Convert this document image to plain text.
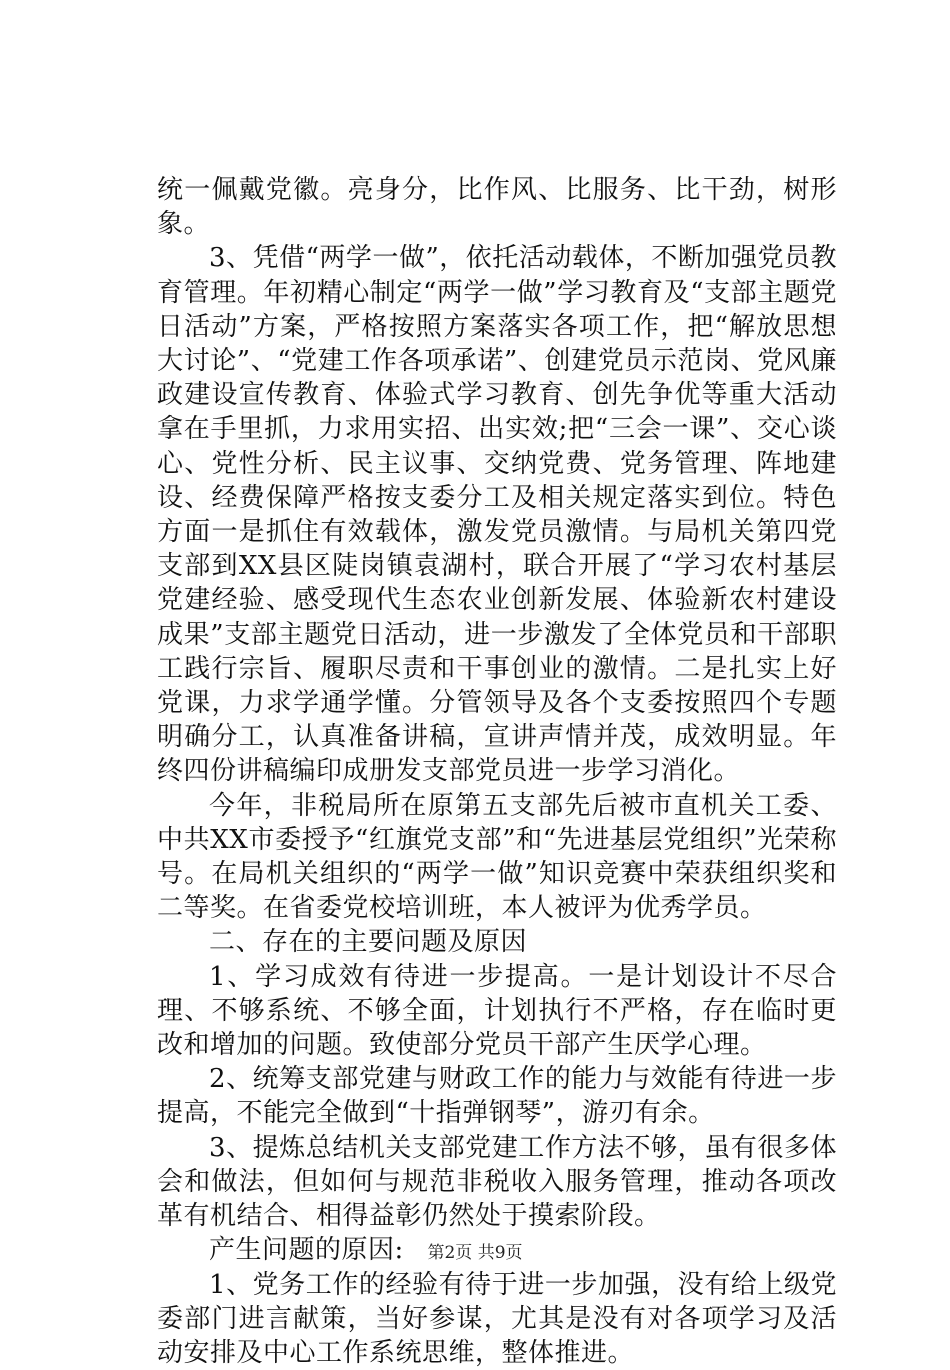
统一佩戴党徽。亮身分，比作风、比服务、比干劲，树形象。

3、凭借“两学一做”，依托活动载体，不断加强党员教育管理。年初精心制定“两学一做”学习教育及“支部主题党日活动”方案，严格按照方案落实各项工作，把“解放思想大讨论”、“党建工作各项承诺”、创建党员示范岗、党风廉政建设宣传教育、体验式学习教育、创先争优等重大活动拿在手里抓，力求用实招、出实效;把“三会一课”、交心谈心、党性分析、民主议事、交纳党费、党务管理、阵地建设、经费保障严格按支委分工及相关规定落实到位。特色方面一是抓住有效载体，激发党员激情。与局机关第四党支部到XX县区陡岗镇袁湖村，联合开展了“学习农村基层党建经验、感受现代生态农业创新发展、体验新农村建设成果”支部主题党日活动，进一步激发了全体党员和干部职工践行宗旨、履职尽责和干事创业的激情。二是扎实上好党课，力求学通学懂。分管领导及各个支委按照四个专题明确分工，认真准备讲稿，宣讲声情并茂，成效明显。年终四份讲稿编印成册发支部党员进一步学习消化。

今年，非税局所在原第五支部先后被市直机关工委、中共XX市委授予“红旗党支部”和“先进基层党组织”光荣称号。在局机关组织的“两学一做”知识竞赛中荣获组织奖和二等奖。在省委党校培训班，本人被评为优秀学员。

二、存在的主要问题及原因

1、学习成效有待进一步提高。一是计划设计不尽合理、不够系统、不够全面，计划执行不严格，存在临时更改和增加的问题。致使部分党员干部产生厌学心理。

2、统筹支部党建与财政工作的能力与效能有待进一步提高，不能完全做到“十指弹钢琴”，游刃有余。

3、提炼总结机关支部党建工作方法不够，虽有很多体会和做法，但如何与规范非税收入服务管理，推动各项改革有机结合、相得益彰仍然处于摸索阶段。

产生问题的原因:

1、党务工作的经验有待于进一步加强，没有给上级党委部门进言献策，当好参谋，尤其是没有对各项学习及活动安排及中心工作系统思维，整体推进。

第2页 共9页
